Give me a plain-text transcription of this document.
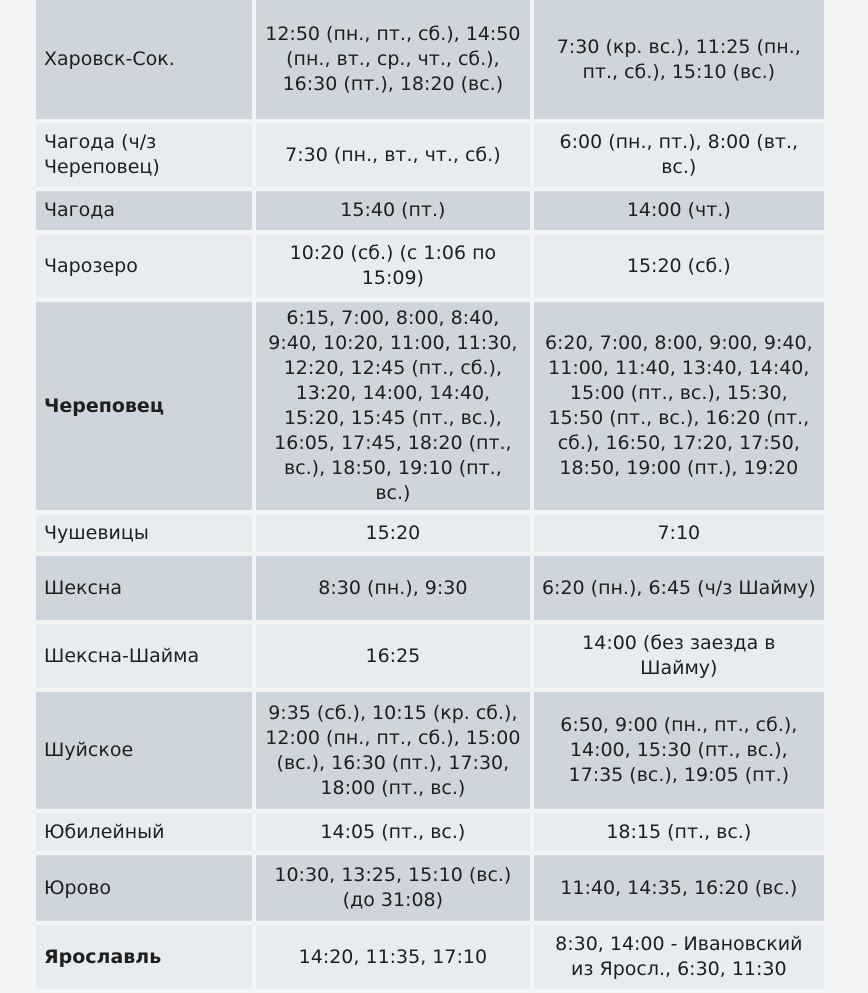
Харовск-Сок.	12:50 (пн., пт., сб.), 14:50 (пн., вт., ср., чт., сб.), 16:30 (пт.), 18:20 (вс.)	7:30 (кр. вс.), 11:25 (пн., пт., сб.), 15:10 (вс.)
Чагода (ч/з Череповец)	7:30 (пн., вт., чт., сб.)	6:00 (пн., пт.), 8:00 (вт., вс.)
Чагода	15:40 (пт.)	14:00 (чт.)
Чарозеро	10:20 (сб.) (с 1:06 по 15:09)	15:20 (сб.)
Череповец	6:15, 7:00, 8:00, 8:40, 9:40, 10:20, 11:00, 11:30, 12:20, 12:45 (пт., сб.), 13:20, 14:00, 14:40, 15:20, 15:45 (пт., вс.), 16:05, 17:45, 18:20 (пт., вс.), 18:50, 19:10 (пт., вс.)	6:20, 7:00, 8:00, 9:00, 9:40, 11:00, 11:40, 13:40, 14:40, 15:00 (пт., вс.), 15:30, 15:50 (пт., вс.), 16:20 (пт., сб.), 16:50, 17:20, 17:50, 18:50, 19:00 (пт.), 19:20
Чушевицы	15:20	7:10
Шексна	8:30 (пн.), 9:30	6:20 (пн.), 6:45 (ч/з Шайму)
Шексна-Шайма	16:25	14:00 (без заезда в Шайму)
Шуйское	9:35 (сб.), 10:15 (кр. сб.), 12:00 (пн., пт., сб.), 15:00 (вс.), 16:30 (пт.), 17:30, 18:00 (пт., вс.)	6:50, 9:00 (пн., пт., сб.), 14:00, 15:30 (пт., вс.), 17:35 (вс.), 19:05 (пт.)
Юбилейный	14:05 (пт., вс.)	18:15 (пт., вс.)
Юрово	10:30, 13:25, 15:10 (вс.) (до 31:08)	11:40, 14:35, 16:20 (вс.)
Ярославль	14:20, 11:35, 17:10	8:30, 14:00 - Ивановский из Яросл., 6:30, 11:30
